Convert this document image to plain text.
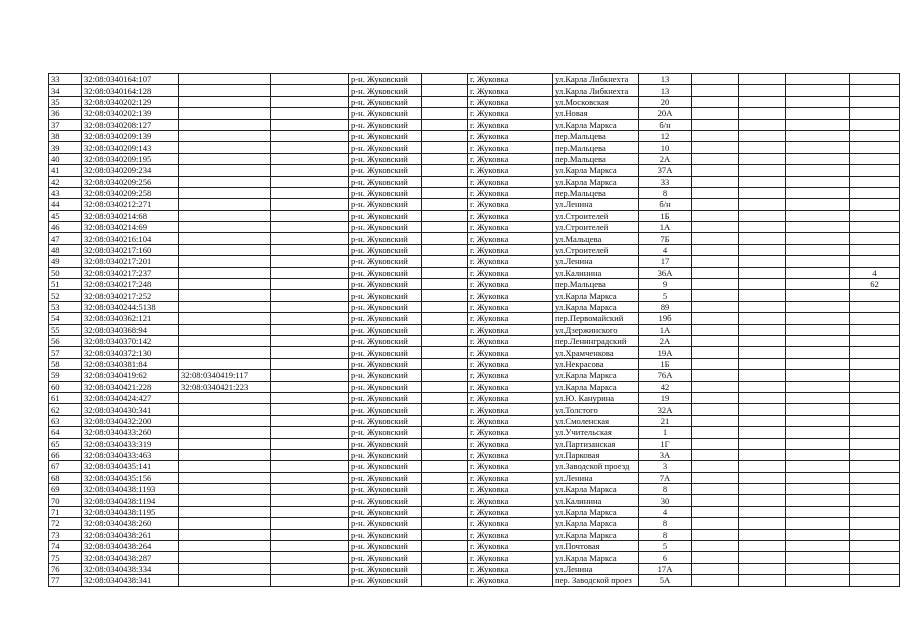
33	32:08:0340164:107			р-н. Жуковский		г. Жуковка	ул.Карла Либкнехта	13				
34	32:08:0340164:128			р-н. Жуковский		г. Жуковка	ул.Карла Либкнехта	13				
35	32:08:0340202:129			р-н. Жуковский		г. Жуковка	ул.Московская	20				
36	32:08:0340202:139			р-н. Жуковский		г. Жуковка	ул.Новая	20А				
37	32:08:0340208:127			р-н. Жуковский		г. Жуковка	ул.Карла Маркса	б/н				
38	32:08:0340209:139			р-н. Жуковский		г. Жуковка	пер.Мальцева	12				
39	32:08:0340209:143			р-н. Жуковский		г. Жуковка	пер.Мальцева	10				
40	32:08:0340209:195			р-н. Жуковский		г. Жуковка	пер.Мальцева	2А				
41	32:08:0340209:234			р-н. Жуковский		г. Жуковка	ул.Карла Маркса	37А				
42	32:08:0340209:256			р-н. Жуковский		г. Жуковка	ул.Карла Маркса	33				
43	32:08:0340209:258			р-н. Жуковский		г. Жуковка	пер.Мальцева	8				
44	32:08:0340212:271			р-н. Жуковский		г. Жуковка	ул.Ленина	б/н				
45	32:08:0340214:68			р-н. Жуковский		г. Жуковка	ул.Строителей	1Б				
46	32:08:0340214:69			р-н. Жуковский		г. Жуковка	ул.Строителей	1А				
47	32:08:0340216:104			р-н. Жуковский		г. Жуковка	ул.Мальцева	7Б				
48	32:08:0340217:160			р-н. Жуковский		г. Жуковка	ул.Строителей	4				
49	32:08:0340217:201			р-н. Жуковский		г. Жуковка	ул.Ленина	17				
50	32:08:0340217:237			р-н. Жуковский		г. Жуковка	ул.Калинина	36А				4
51	32:08:0340217:248			р-н. Жуковский		г. Жуковка	пер.Мальцева	9				62
52	32:08:0340217:252			р-н. Жуковский		г. Жуковка	ул.Карла Маркса	5				
53	32:08:0340244:5138			р-н. Жуковский		г. Жуковка	ул.Карла Маркса	89				
54	32:08:0340362:121			р-н. Жуковский		г. Жуковка	пер.Первомайский	19б				
55	32:08:0340368:94			р-н. Жуковский		г. Жуковка	ул.Дзержинского	1А				
56	32:08:0340370:142			р-н. Жуковский		г. Жуковка	пер.Ленинградский	2А				
57	32:08:0340372:130			р-н. Жуковский		г. Жуковка	ул.Храмченкова	19А				
58	32:08:0340381:84			р-н. Жуковский		г. Жуковка	ул.Некрасова	1Б				
59	32:08:0340419:62	32:08:0340419:117		р-н. Жуковский		г. Жуковка	ул.Карла Маркса	76А				
60	32:08:0340421:228	32:08:0340421:223		р-н. Жуковский		г. Жуковка	ул.Карла Маркса	42				
61	32:08:0340424:427			р-н. Жуковский		г. Жуковка	ул.Ю. Канурина	19				
62	32:08:0340430:341			р-н. Жуковский		г. Жуковка	ул.Толстого	32А				
63	32:08:0340432:200			р-н. Жуковский		г. Жуковка	ул.Смоленская	21				
64	32:08:0340433:260			р-н. Жуковский		г. Жуковка	ул.Учительская	1				
65	32:08:0340433:319			р-н. Жуковский		г. Жуковка	ул.Партизанская	1Г				
66	32:08:0340433:463			р-н. Жуковский		г. Жуковка	ул.Парковая	3А				
67	32:08:0340435:141			р-н. Жуковский		г. Жуковка	ул.Заводской проезд	3				
68	32:08:0340435:156			р-н. Жуковский		г. Жуковка	ул.Ленина	7А				
69	32:08:0340438:1193			р-н. Жуковский		г. Жуковка	ул.Карла Маркса	8				
70	32:08:0340438:1194			р-н. Жуковский		г. Жуковка	ул.Калинина	30				
71	32:08:0340438:1195			р-н. Жуковский		г. Жуковка	ул.Карла Маркса	4				
72	32:08:0340438:260			р-н. Жуковский		г. Жуковка	ул.Карла Маркса	8				
73	32:08:0340438:261			р-н. Жуковский		г. Жуковка	ул.Карла Маркса	8				
74	32:08:0340438:264			р-н. Жуковский		г. Жуковка	ул.Почтовая	5				
75	32:08:0340438:287			р-н. Жуковский		г. Жуковка	ул.Карла Маркса	6				
76	32:08:0340438:334			р-н. Жуковский		г. Жуковка	ул.Ленина	17А				
77	32:08:0340438:341			р-н. Жуковский		г. Жуковка	пер. Заводской проез	5А				
